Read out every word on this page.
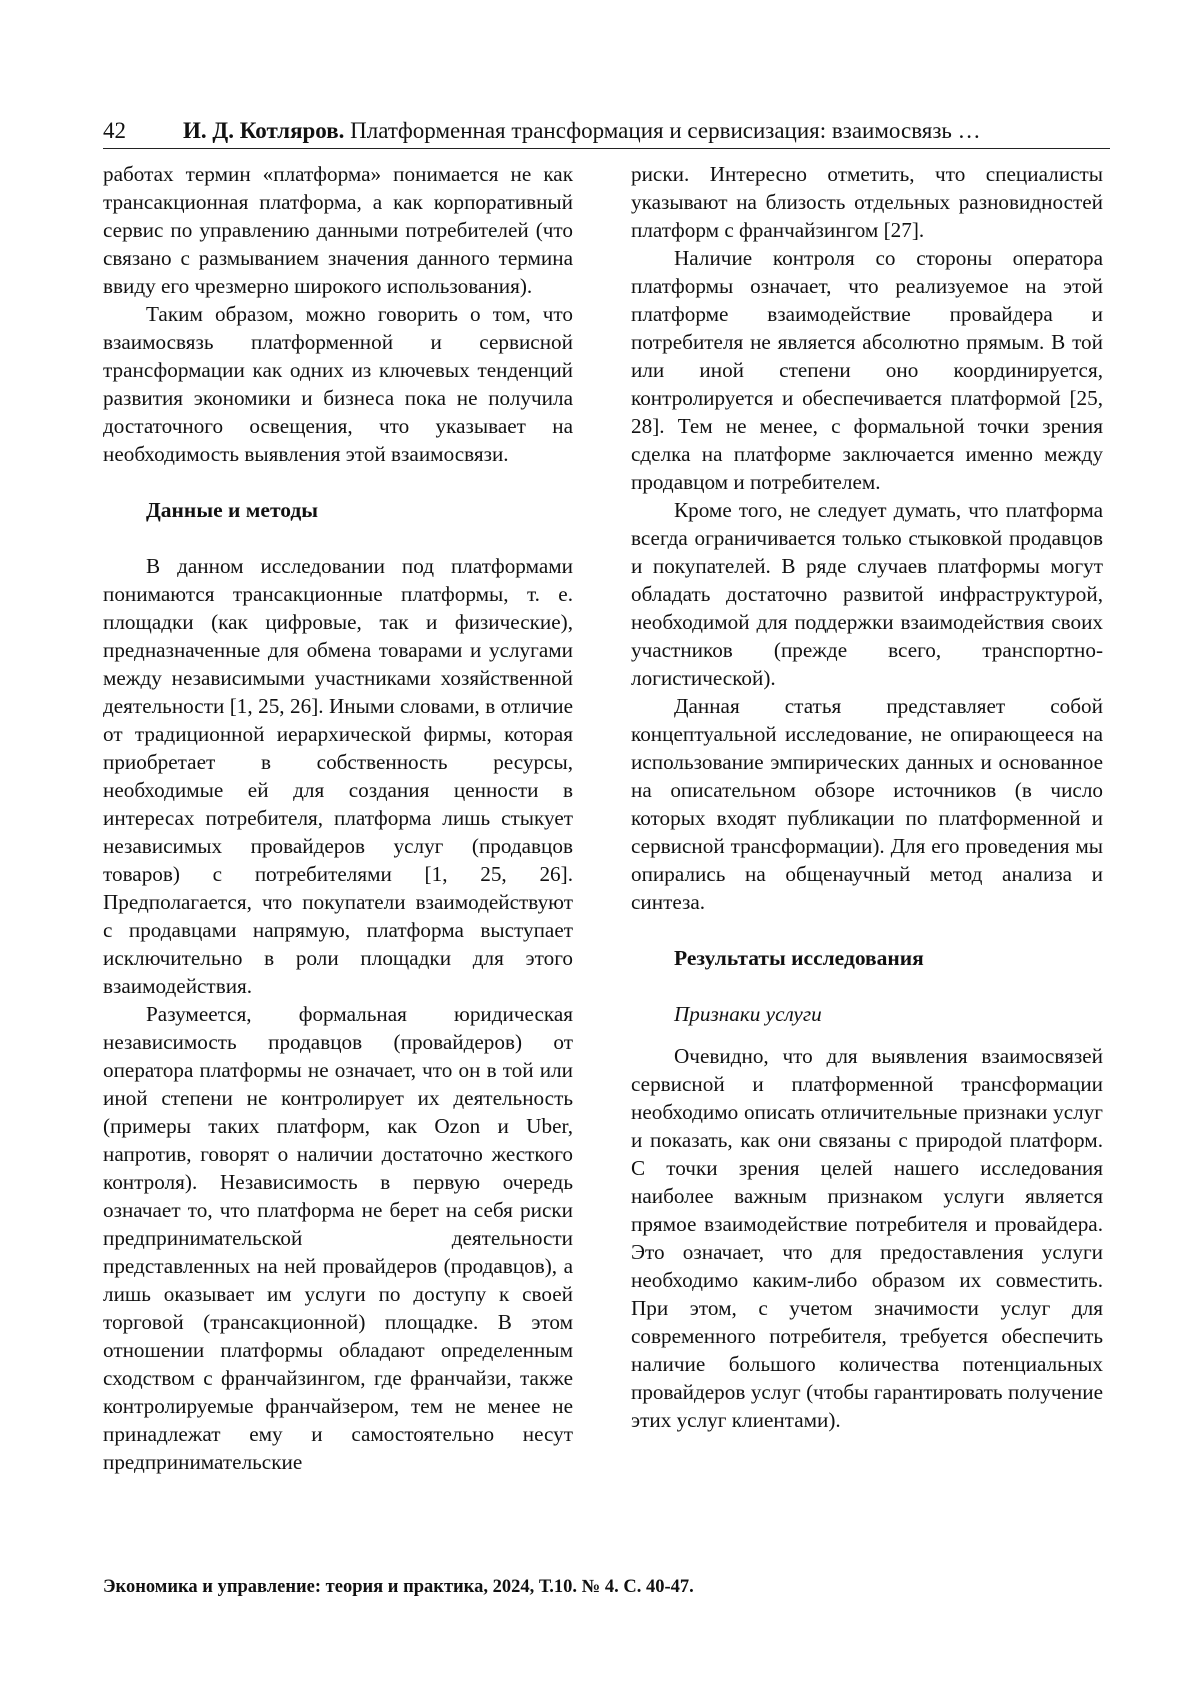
42 И. Д. Котляров. Платформенная трансформация и сервисизация: взаимосвязь …

работах термин «платформа» понимается не как трансакционная платформа, а как корпоративный сервис по управлению данными потребителей (что связано с размыванием значения данного термина ввиду его чрезмерно широкого использования).

Таким образом, можно говорить о том, что взаимосвязь платформенной и сервисной трансформации как одних из ключевых тенденций развития экономики и бизнеса пока не получила достаточного освещения, что указывает на необходимость выявления этой взаимосвязи.

Данные и методы

В данном исследовании под платформами понимаются трансакционные платформы, т. е. площадки (как цифровые, так и физические), предназначенные для обмена товарами и услугами между независимыми участниками хозяйственной деятельности [1, 25, 26]. Иными словами, в отличие от традиционной иерархической фирмы, которая приобретает в собственность ресурсы, необходимые ей для создания ценности в интересах потребителя, платформа лишь стыкует независимых провайдеров услуг (продавцов товаров) с потребителями [1, 25, 26]. Предполагается, что покупатели взаимодействуют с продавцами напрямую, платформа выступает исключительно в роли площадки для этого взаимодействия.

Разумеется, формальная юридическая независимость продавцов (провайдеров) от оператора платформы не означает, что он в той или иной степени не контролирует их деятельность (примеры таких платформ, как Ozon и Uber, напротив, говорят о наличии достаточно жесткого контроля). Независимость в первую очередь означает то, что платформа не берет на себя риски предпринимательской деятельности представленных на ней провайдеров (продавцов), а лишь оказывает им услуги по доступу к своей торговой (трансакционной) площадке. В этом отношении платформы обладают определенным сходством с франчайзингом, где франчайзи, также контролируемые франчайзером, тем не менее не принадлежат ему и самостоятельно несут предпринимательские

риски. Интересно отметить, что специалисты указывают на близость отдельных разновидностей платформ с франчайзингом [27].

Наличие контроля со стороны оператора платформы означает, что реализуемое на этой платформе взаимодействие провайдера и потребителя не является абсолютно прямым. В той или иной степени оно координируется, контролируется и обеспечивается платформой [25, 28]. Тем не менее, с формальной точки зрения сделка на платформе заключается именно между продавцом и потребителем.

Кроме того, не следует думать, что платформа всегда ограничивается только стыковкой продавцов и покупателей. В ряде случаев платформы могут обладать достаточно развитой инфраструктурой, необходимой для поддержки взаимодействия своих участников (прежде всего, транспортно-логистической).

Данная статья представляет собой концептуальной исследование, не опирающееся на использование эмпирических данных и основанное на описательном обзоре источников (в число которых входят публикации по платформенной и сервисной трансформации). Для его проведения мы опирались на общенаучный метод анализа и синтеза.

Результаты исследования

Признаки услуги

Очевидно, что для выявления взаимосвязей сервисной и платформенной трансформации необходимо описать отличительные признаки услуг и показать, как они связаны с природой платформ. С точки зрения целей нашего исследования наиболее важным признаком услуги является прямое взаимодействие потребителя и провайдера. Это означает, что для предоставления услуги необходимо каким-либо образом их совместить. При этом, с учетом значимости услуг для современного потребителя, требуется обеспечить наличие большого количества потенциальных провайдеров услуг (чтобы гарантировать получение этих услуг клиентами).

Экономика и управление: теория и практика, 2024, Т.10. № 4. С. 40-47.
